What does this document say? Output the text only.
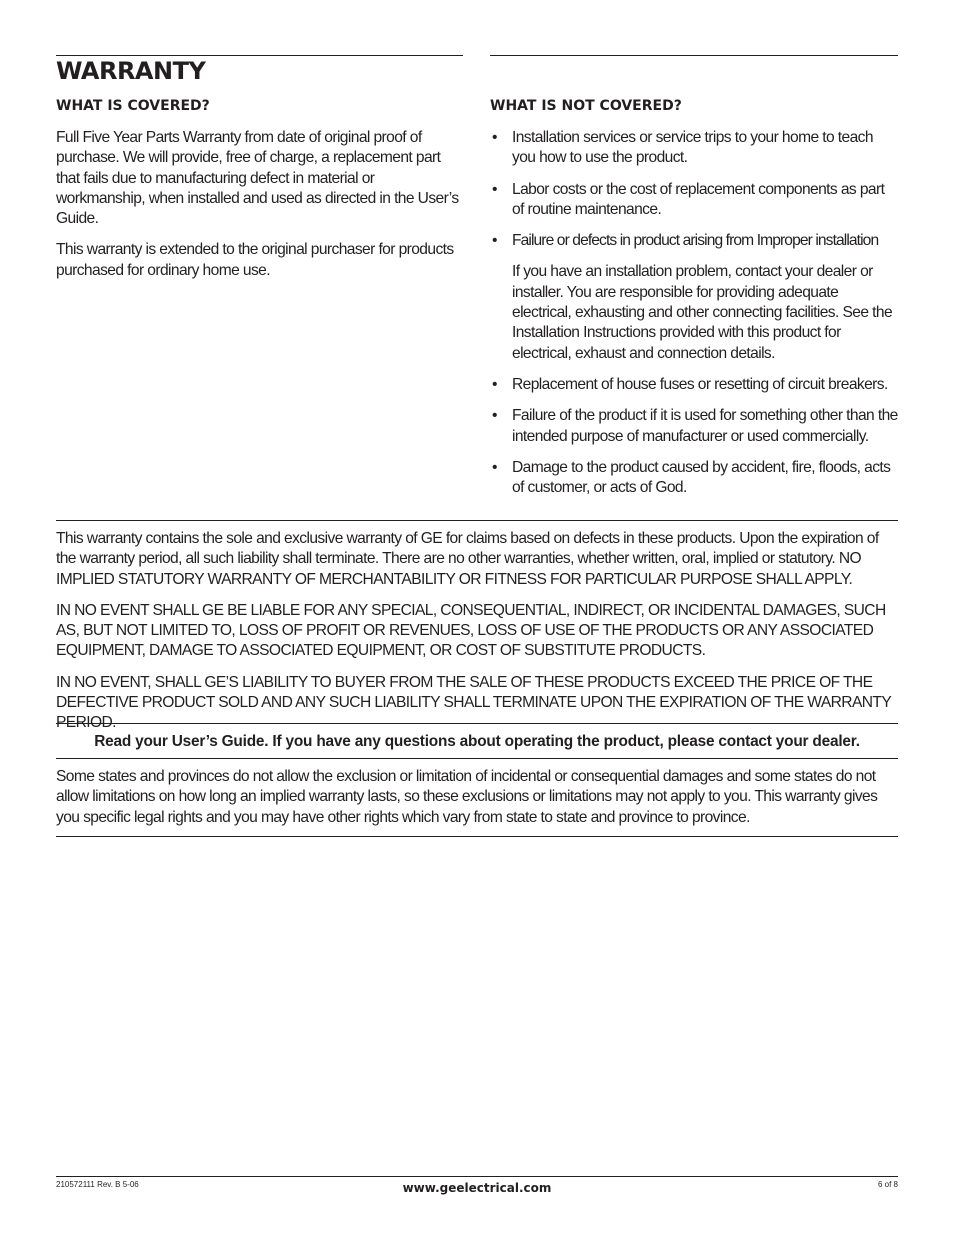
WARRANTY
WHAT IS COVERED?

Full Five Year Parts Warranty from date of original proof of purchase. We will provide, free of charge, a replacement part that fails due to manufacturing defect in material or workmanship, when installed and used as directed in the User’s Guide.

This warranty is extended to the original purchaser for products purchased for ordinary home use.

WHAT IS NOT COVERED?
• Installation services or service trips to your home to teach you how to use the product.
• Labor costs or the cost of replacement components as part of routine maintenance.
• Failure or defects in product arising from Improper installation
If you have an installation problem, contact your dealer or installer. You are responsible for providing adequate electrical, exhausting and other connecting facilities. See the Installation Instructions provided with this product for electrical, exhaust and connection details.
• Replacement of house fuses or resetting of circuit breakers.
• Failure of the product if it is used for something other than the intended purpose of manufacturer or used commercially.
• Damage to the product caused by accident, fire, floods, acts of customer, or acts of God.

This warranty contains the sole and exclusive warranty of GE for claims based on defects in these products. Upon the expiration of the warranty period, all such liability shall terminate. There are no other warranties, whether written, oral, implied or statutory. NO IMPLIED STATUTORY WARRANTY OF MERCHANTABILITY OR FITNESS FOR PARTICULAR PURPOSE SHALL APPLY.

IN NO EVENT SHALL GE BE LIABLE FOR ANY SPECIAL, CONSEQUENTIAL, INDIRECT, OR INCIDENTAL DAMAGES, SUCH AS, BUT NOT LIMITED TO, LOSS OF PROFIT OR REVENUES, LOSS OF USE OF THE PRODUCTS OR ANY ASSOCIATED EQUIPMENT, DAMAGE TO ASSOCIATED EQUIPMENT, OR COST OF SUBSTITUTE PRODUCTS.

IN NO EVENT, SHALL GE’S LIABILITY TO BUYER FROM THE SALE OF THESE PRODUCTS EXCEED THE PRICE OF THE DEFECTIVE PRODUCT SOLD AND ANY SUCH LIABILITY SHALL TERMINATE UPON THE EXPIRATION OF THE WARRANTY PERIOD.

Read your User’s Guide. If you have any questions about operating the product, please contact your dealer.

Some states and provinces do not allow the exclusion or limitation of incidental or consequential damages and some states do not allow limitations on how long an implied warranty lasts, so these exclusions or limitations may not apply to you. This warranty gives you specific legal rights and you may have other rights which vary from state to state and province to province.

210572111 Rev. B 5-06	www.geelectrical.com	6 of 8
